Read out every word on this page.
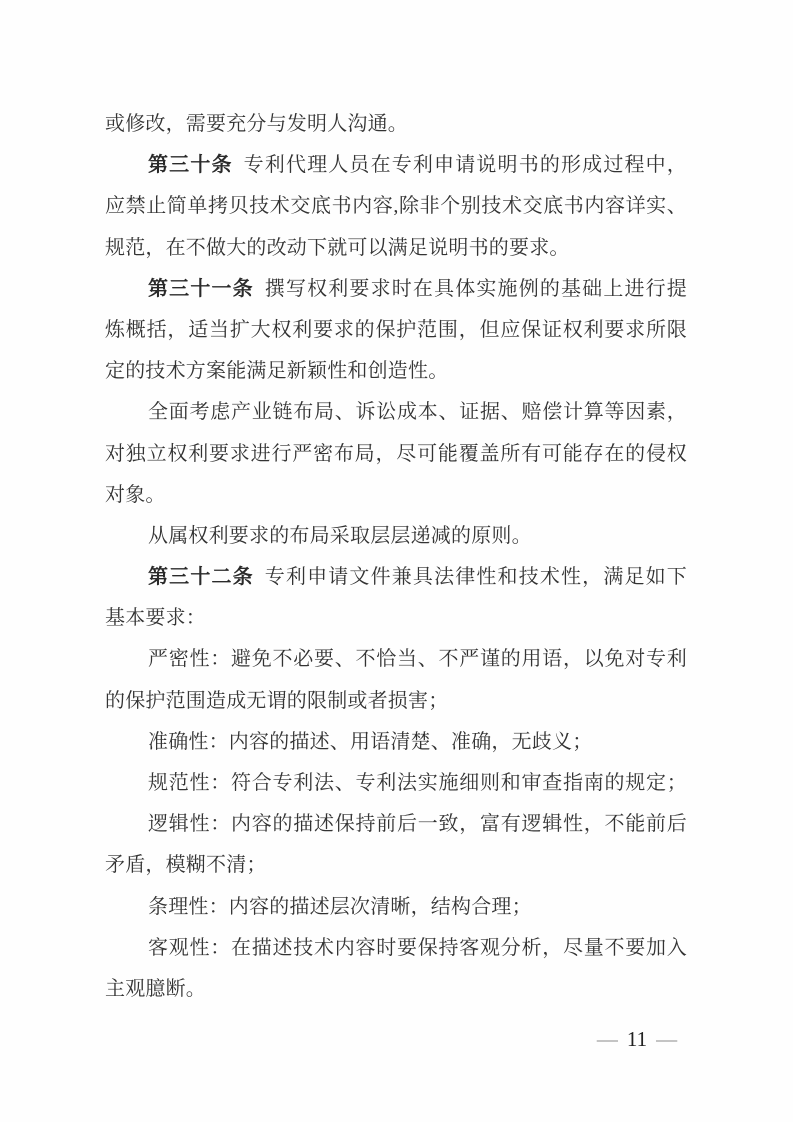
或修改，需要充分与发明人沟通。
第三十条 专利代理人员在专利申请说明书的形成过程中，
应禁止简单拷贝技术交底书内容,除非个别技术交底书内容详实、
规范，在不做大的改动下就可以满足说明书的要求。
第三十一条 撰写权利要求时在具体实施例的基础上进行提
炼概括，适当扩大权利要求的保护范围，但应保证权利要求所限
定的技术方案能满足新颖性和创造性。
全面考虑产业链布局、诉讼成本、证据、赔偿计算等因素，
对独立权利要求进行严密布局，尽可能覆盖所有可能存在的侵权
对象。
从属权利要求的布局采取层层递减的原则。
第三十二条 专利申请文件兼具法律性和技术性，满足如下
基本要求：
严密性：避免不必要、不恰当、不严谨的用语，以免对专利
的保护范围造成无谓的限制或者损害；
准确性：内容的描述、用语清楚、准确，无歧义；
规范性：符合专利法、专利法实施细则和审查指南的规定；
逻辑性：内容的描述保持前后一致，富有逻辑性，不能前后
矛盾，模糊不清；
条理性：内容的描述层次清晰，结构合理；
客观性：在描述技术内容时要保持客观分析，尽量不要加入
主观臆断。
— 11 —
